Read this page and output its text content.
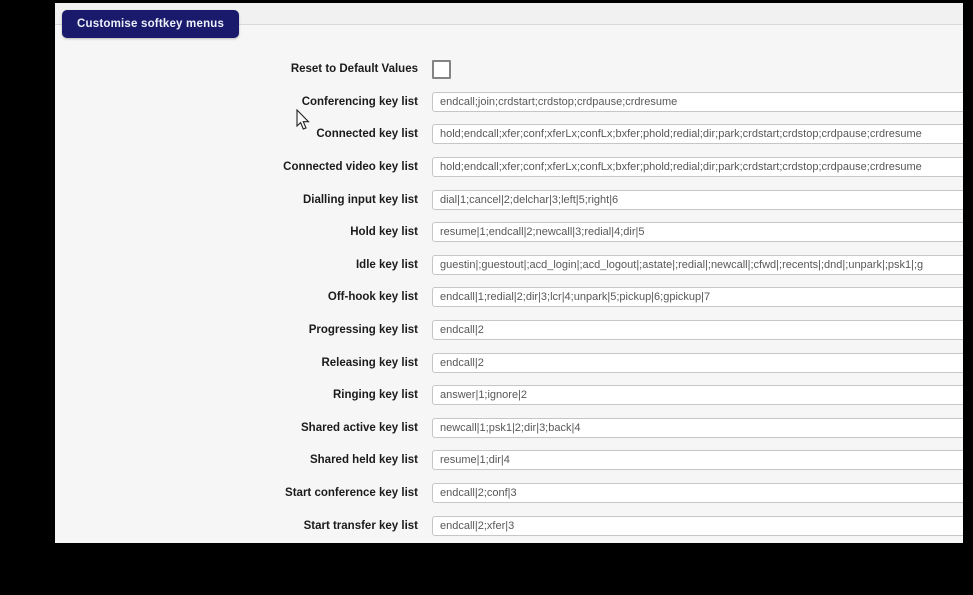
Customise softkey menus
Reset to Default Values
Conferencing key list
endcall;join;crdstart;crdstop;crdpause;crdresume
Connected key list
hold;endcall;xfer;conf;xferLx;confLx;bxfer;phold;redial;dir;park;crdstart;crdstop;crdpause;crdresume
Connected video key list
hold;endcall;xfer;conf;xferLx;confLx;bxfer;phold;redial;dir;park;crdstart;crdstop;crdpause;crdresume
Dialling input key list
dial|1;cancel|2;delchar|3;left|5;right|6
Hold key list
resume|1;endcall|2;newcall|3;redial|4;dir|5
Idle key list
guestin|;guestout|;acd_login|;acd_logout|;astate|;redial|;newcall|;cfwd|;recents|;dnd|;unpark|;psk1|;g
Off-hook key list
endcall|1;redial|2;dir|3;lcr|4;unpark|5;pickup|6;gpickup|7
Progressing key list
endcall|2
Releasing key list
endcall|2
Ringing key list
answer|1;ignore|2
Shared active key list
newcall|1;psk1|2;dir|3;back|4
Shared held key list
resume|1;dir|4
Start conference key list
endcall|2;conf|3
Start transfer key list
endcall|2;xfer|3
